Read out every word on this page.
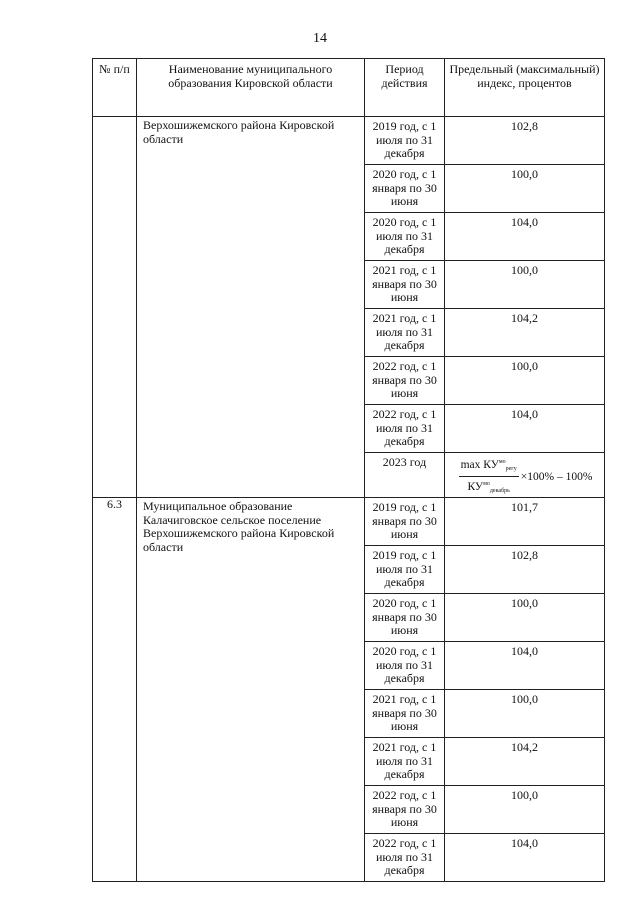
14
№ п/п	Наименование муниципального образования Кировской области	Период действия	Предельный (максимальный) индекс, процентов
	Верхошижемского района Кировской области	2019 год, с 1 июля по 31 декабря	102,8
		2020 год, с 1 января по 30 июня	100,0
		2020 год, с 1 июля по 31 декабря	104,0
		2021 год, с 1 января по 30 июня	100,0
		2021 год, с 1 июля по 31 декабря	104,2
		2022 год, с 1 января по 30 июня	100,0
		2022 год, с 1 июля по 31 декабря	104,0
		2023 год	$\frac{\max КУ^{мо}_{регу}}{КУ^{мо}_{декабрь}} \times 100\% - 100\%$

6.3	Муниципальное образование Калачиговское сельское поселение Верхошижемского района Кировской области	2019 год, с 1 января по 30 июня	101,7
		2019 год, с 1 июля по 31 декабря	102,8
		2020 год, с 1 января по 30 июня	100,0
		2020 год, с 1 июля по 31 декабря	104,0
		2021 год, с 1 января по 30 июня	100,0
		2021 год, с 1 июля по 31 декабря	104,2
		2022 год, с 1 января по 30 июня	100,0
		2022 год, с 1 июля по 31 декабря	104,0
